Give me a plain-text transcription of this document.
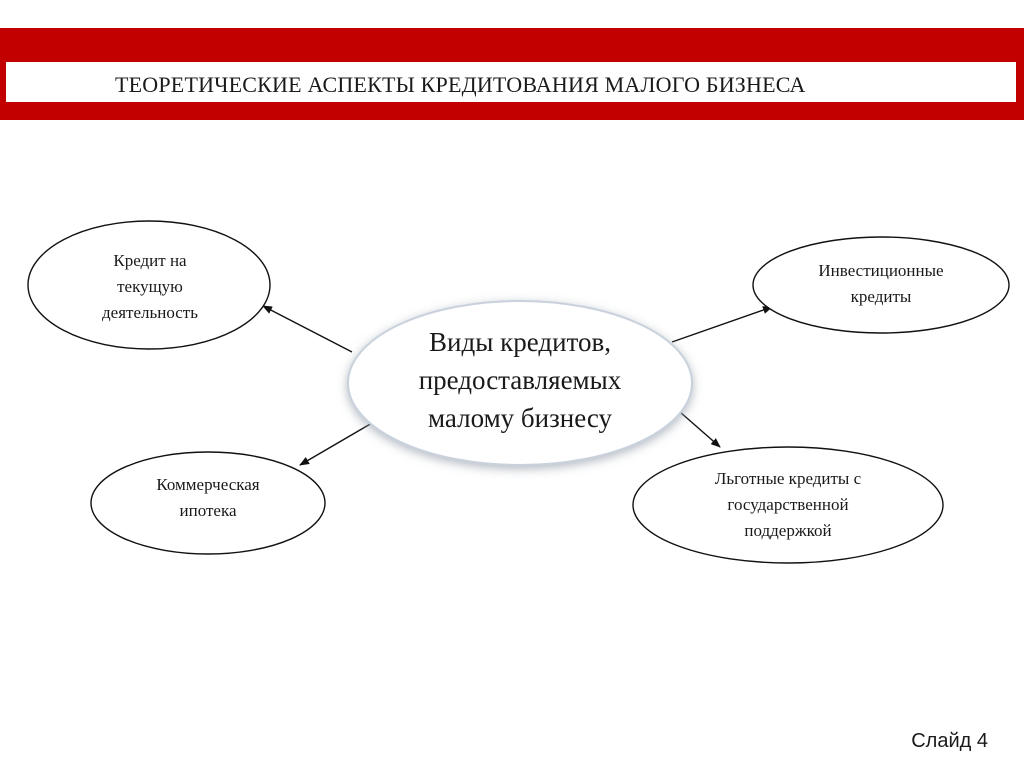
ТЕОРЕТИЧЕСКИЕ АСПЕКТЫ КРЕДИТОВАНИЯ МАЛОГО БИЗНЕСА
Виды кредитов,
предоставляемых
малому бизнесу
Кредит на
текущую
деятельность
Инвестиционные
кредиты
Коммерческая
ипотека
Льготные кредиты с
государственной
поддержкой
Слайд 4
